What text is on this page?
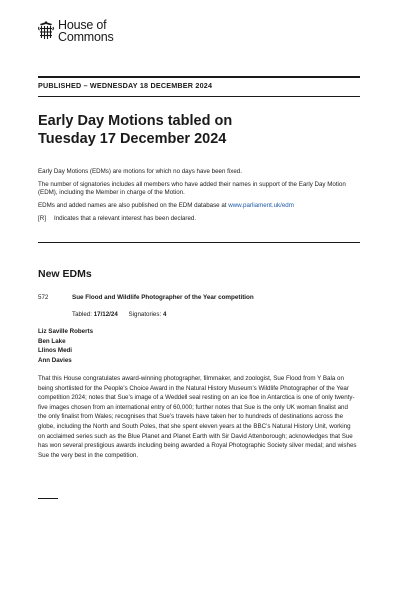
House of
Commons
PUBLISHED – WEDNESDAY 18 DECEMBER 2024
Early Day Motions tabled on
Tuesday 17 December 2024

Early Day Motions (EDMs) are motions for which no days have been fixed.

The number of signatories includes all members who have added their names in support of the Early Day Motion (EDM), including the Member in charge of the Motion.

EDMs and added names are also published on the EDM database at www.parliament.uk/edm

[R] Indicates that a relevant interest has been declared.

New EDMs
572	Sue Flood and Wildlife Photographer of the Year competition
Tabled: 17/12/24 Signatories: 4
Liz Saville Roberts
Ben Lake
Llinos Medi
Ann Davies
That this House congratulates award-winning photographer, filmmaker, and zoologist, Sue Flood from Y Bala on being shortlisted for the People’s Choice Award in the Natural History Museum’s Wildlife Photographer of the Year competition 2024; notes that Sue’s image of a Weddell seal resting on an ice floe in Antarctica is one of only twenty-five images chosen from an international entry of 60,000; further notes that Sue is the only UK woman finalist and the only finalist from Wales; recognises that Sue’s travels have taken her to hundreds of destinations across the globe, including the North and South Poles, that she spent eleven years at the BBC’s Natural History Unit, working on acclaimed series such as the Blue Planet and Planet Earth with Sir David Attenborough; acknowledges that Sue has won several prestigious awards including being awarded a Royal Photographic Society silver medal; and wishes Sue the very best in the competition.
